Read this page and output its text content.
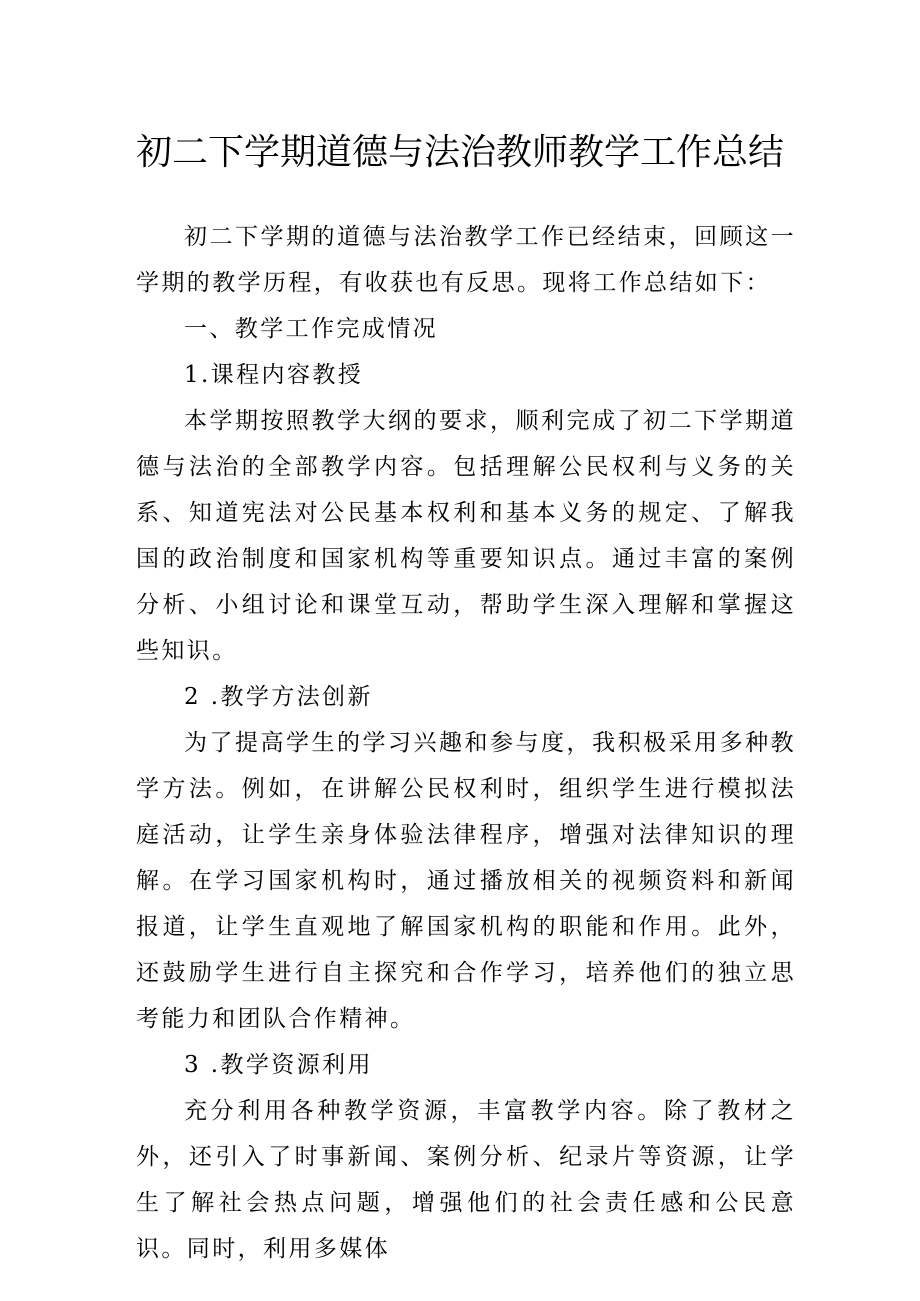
初二下学期道德与法治教师教学工作总结

初二下学期的道德与法治教学工作已经结束，回顾这一学期的教学历程，有收获也有反思。现将工作总结如下：

一、教学工作完成情况

1.课程内容教授

本学期按照教学大纲的要求，顺利完成了初二下学期道德与法治的全部教学内容。包括理解公民权利与义务的关系、知道宪法对公民基本权利和基本义务的规定、了解我国的政治制度和国家机构等重要知识点。通过丰富的案例分析、小组讨论和课堂互动，帮助学生深入理解和掌握这些知识。

2 .教学方法创新

为了提高学生的学习兴趣和参与度，我积极采用多种教学方法。例如，在讲解公民权利时，组织学生进行模拟法庭活动，让学生亲身体验法律程序，增强对法律知识的理解。在学习国家机构时，通过播放相关的视频资料和新闻报道，让学生直观地了解国家机构的职能和作用。此外，还鼓励学生进行自主探究和合作学习，培养他们的独立思考能力和团队合作精神。

3 .教学资源利用

充分利用各种教学资源，丰富教学内容。除了教材之外，还引入了时事新闻、案例分析、纪录片等资源，让学生了解社会热点问题，增强他们的社会责任感和公民意识。同时，利用多媒体
